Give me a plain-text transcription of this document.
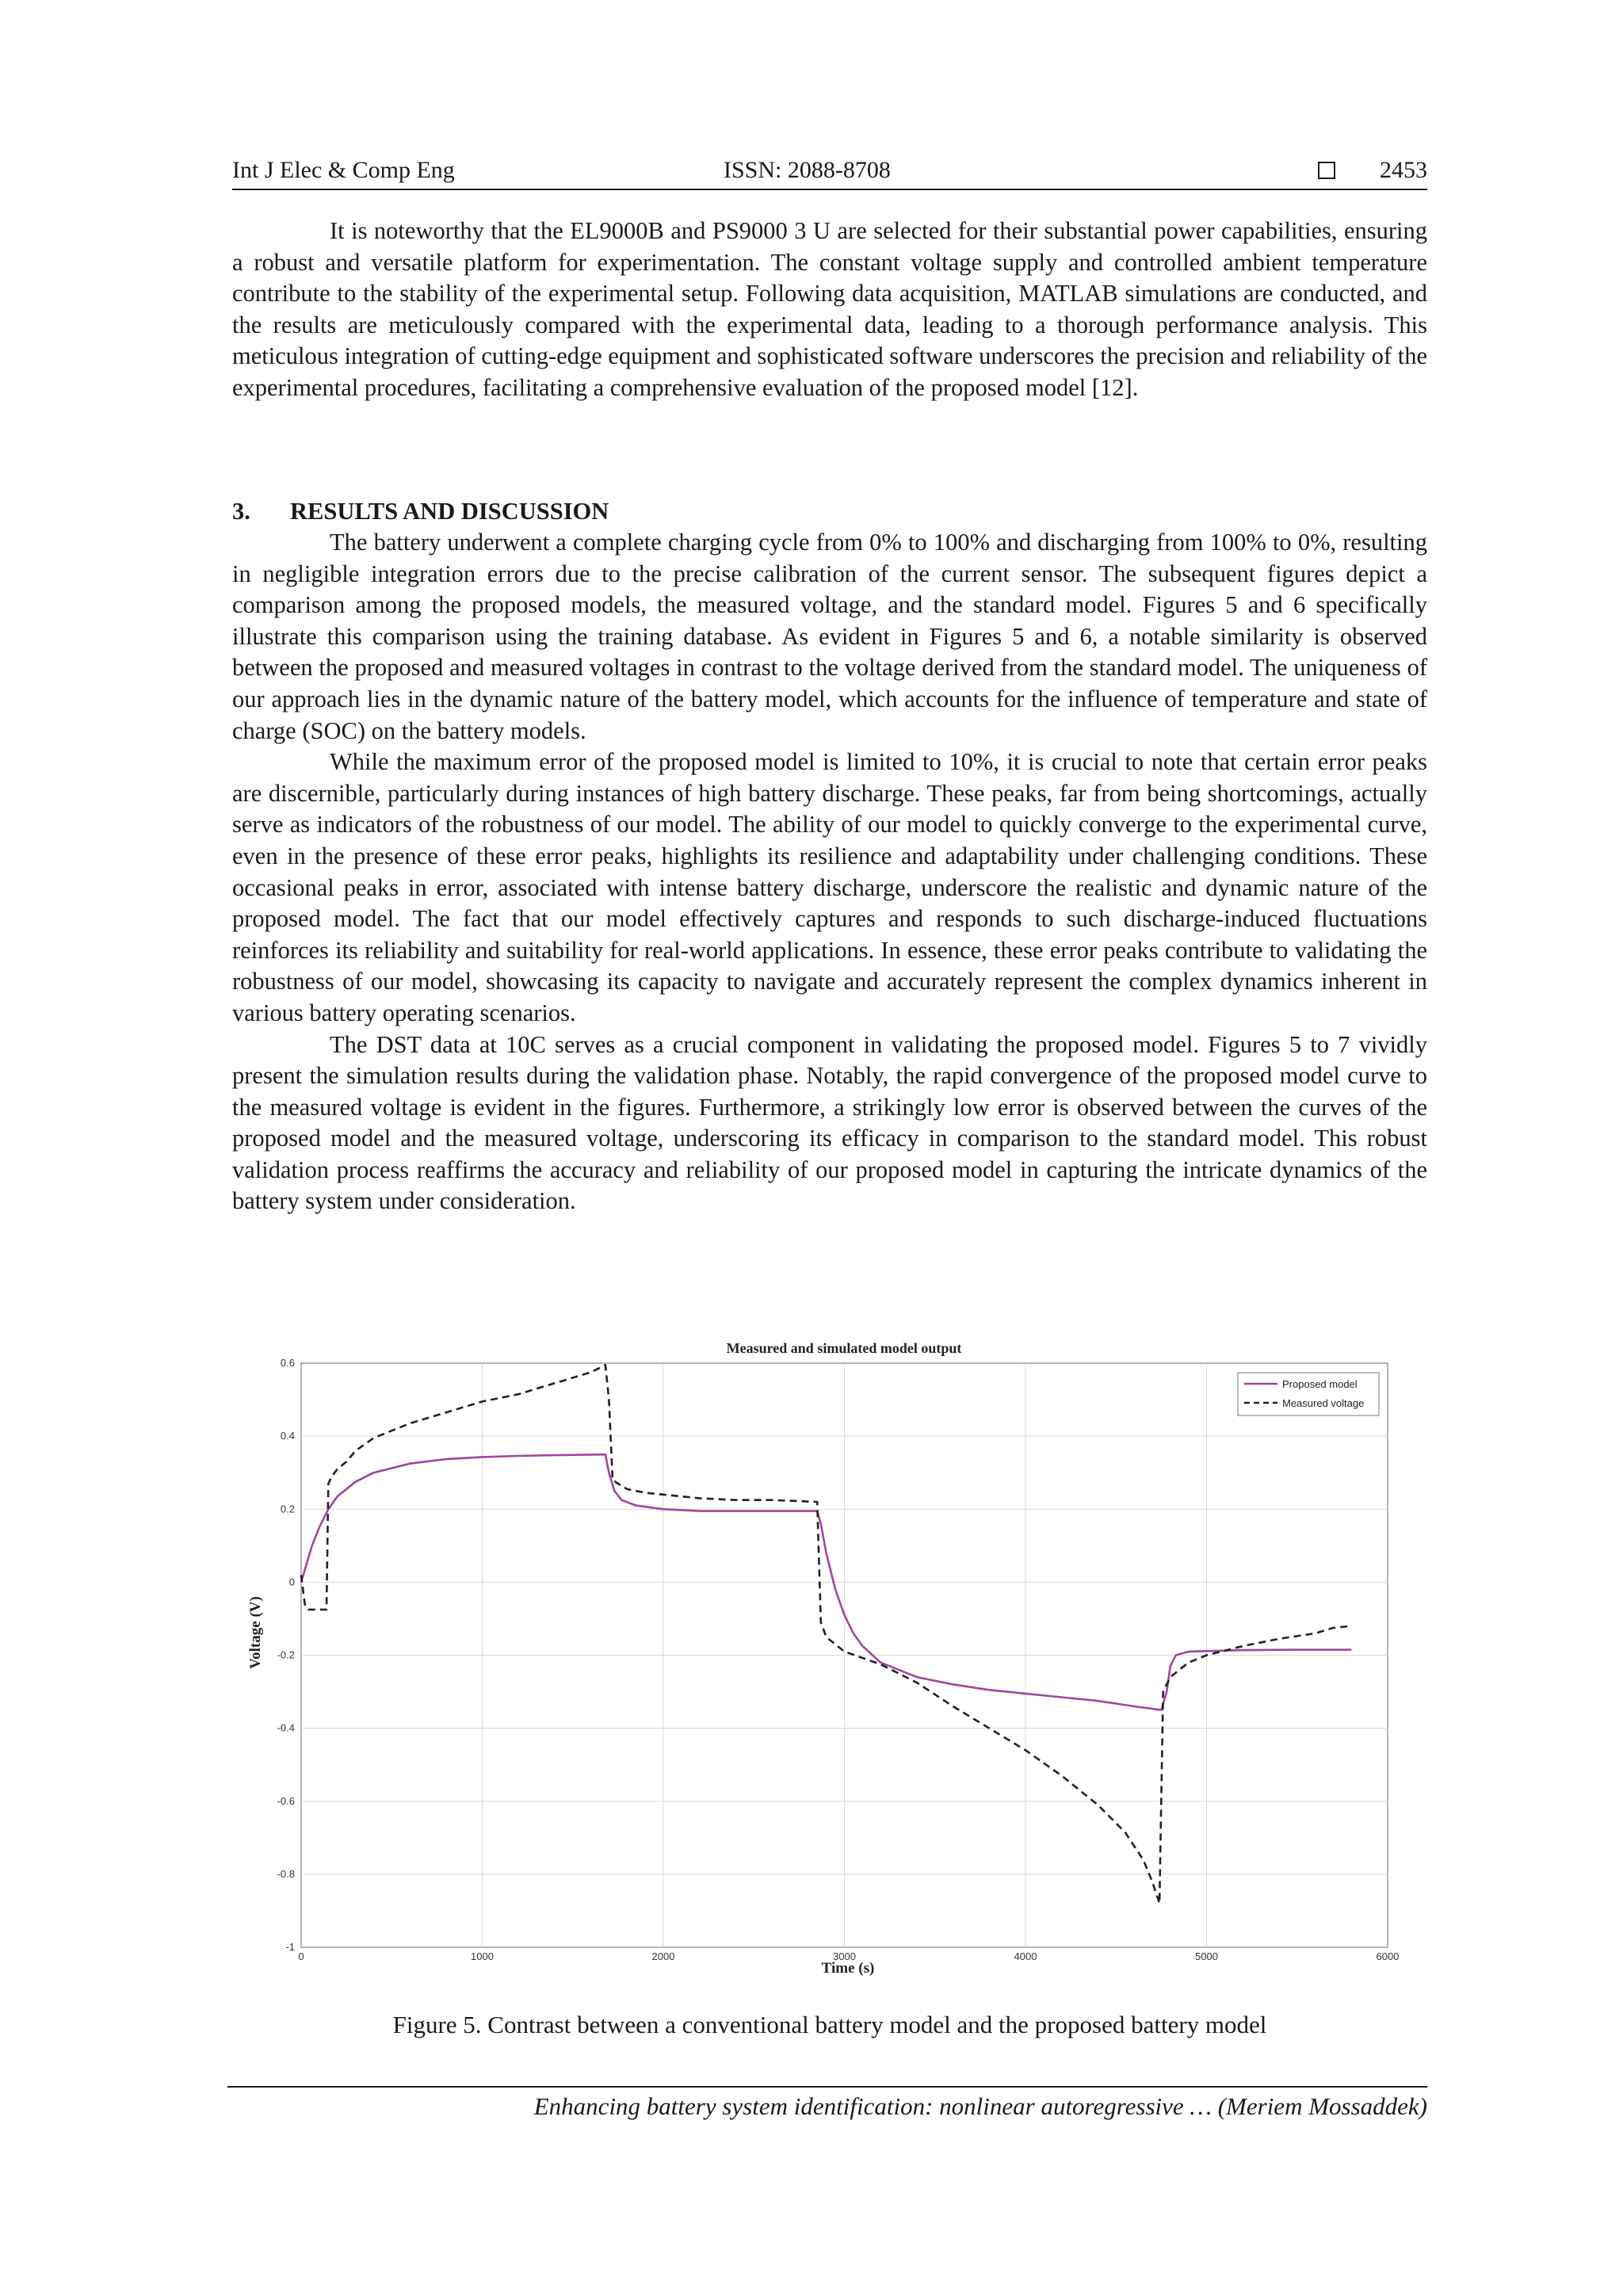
Int J Elec & Comp Eng	ISSN: 2088-8708	2453

It is noteworthy that the EL9000B and PS9000 3 U are selected for their substantial power capabilities, ensuring a robust and versatile platform for experimentation. The constant voltage supply and controlled ambient temperature contribute to the stability of the experimental setup. Following data acquisition, MATLAB simulations are conducted, and the results are meticulously compared with the experimental data, leading to a thorough performance analysis. This meticulous integration of cutting-edge equipment and sophisticated software underscores the precision and reliability of the experimental procedures, facilitating a comprehensive evaluation of the proposed model [12].

3. RESULTS AND DISCUSSION

The battery underwent a complete charging cycle from 0% to 100% and discharging from 100% to 0%, resulting in negligible integration errors due to the precise calibration of the current sensor. The subsequent figures depict a comparison among the proposed models, the measured voltage, and the standard model. Figures 5 and 6 specifically illustrate this comparison using the training database. As evident in Figures 5 and 6, a notable similarity is observed between the proposed and measured voltages in contrast to the voltage derived from the standard model. The uniqueness of our approach lies in the dynamic nature of the battery model, which accounts for the influence of temperature and state of charge (SOC) on the battery models.

While the maximum error of the proposed model is limited to 10%, it is crucial to note that certain error peaks are discernible, particularly during instances of high battery discharge. These peaks, far from being shortcomings, actually serve as indicators of the robustness of our model. The ability of our model to quickly converge to the experimental curve, even in the presence of these error peaks, highlights its resilience and adaptability under challenging conditions. These occasional peaks in error, associated with intense battery discharge, underscore the realistic and dynamic nature of the proposed model. The fact that our model effectively captures and responds to such discharge-induced fluctuations reinforces its reliability and suitability for real-world applications. In essence, these error peaks contribute to validating the robustness of our model, showcasing its capacity to navigate and accurately represent the complex dynamics inherent in various battery operating scenarios.

The DST data at 10C serves as a crucial component in validating the proposed model. Figures 5 to 7 vividly present the simulation results during the validation phase. Notably, the rapid convergence of the proposed model curve to the measured voltage is evident in the figures. Furthermore, a strikingly low error is observed between the curves of the proposed model and the measured voltage, underscoring its efficacy in comparison to the standard model. This robust validation process reaffirms the accuracy and reliability of our proposed model in capturing the intricate dynamics of the battery system under consideration.

0	1000	2000	3000	4000	5000	6000
-1
-0.8
-0.6
-0.4
-0.2
0
0.2
0.4
0.6
Measured and simulated model output
Time (s)
Voltage (V)
Proposed model
Measured voltage
Figure 5. Contrast between a conventional battery model and the proposed battery model
Enhancing battery system identification: nonlinear autoregressive … (Meriem Mossaddek)
